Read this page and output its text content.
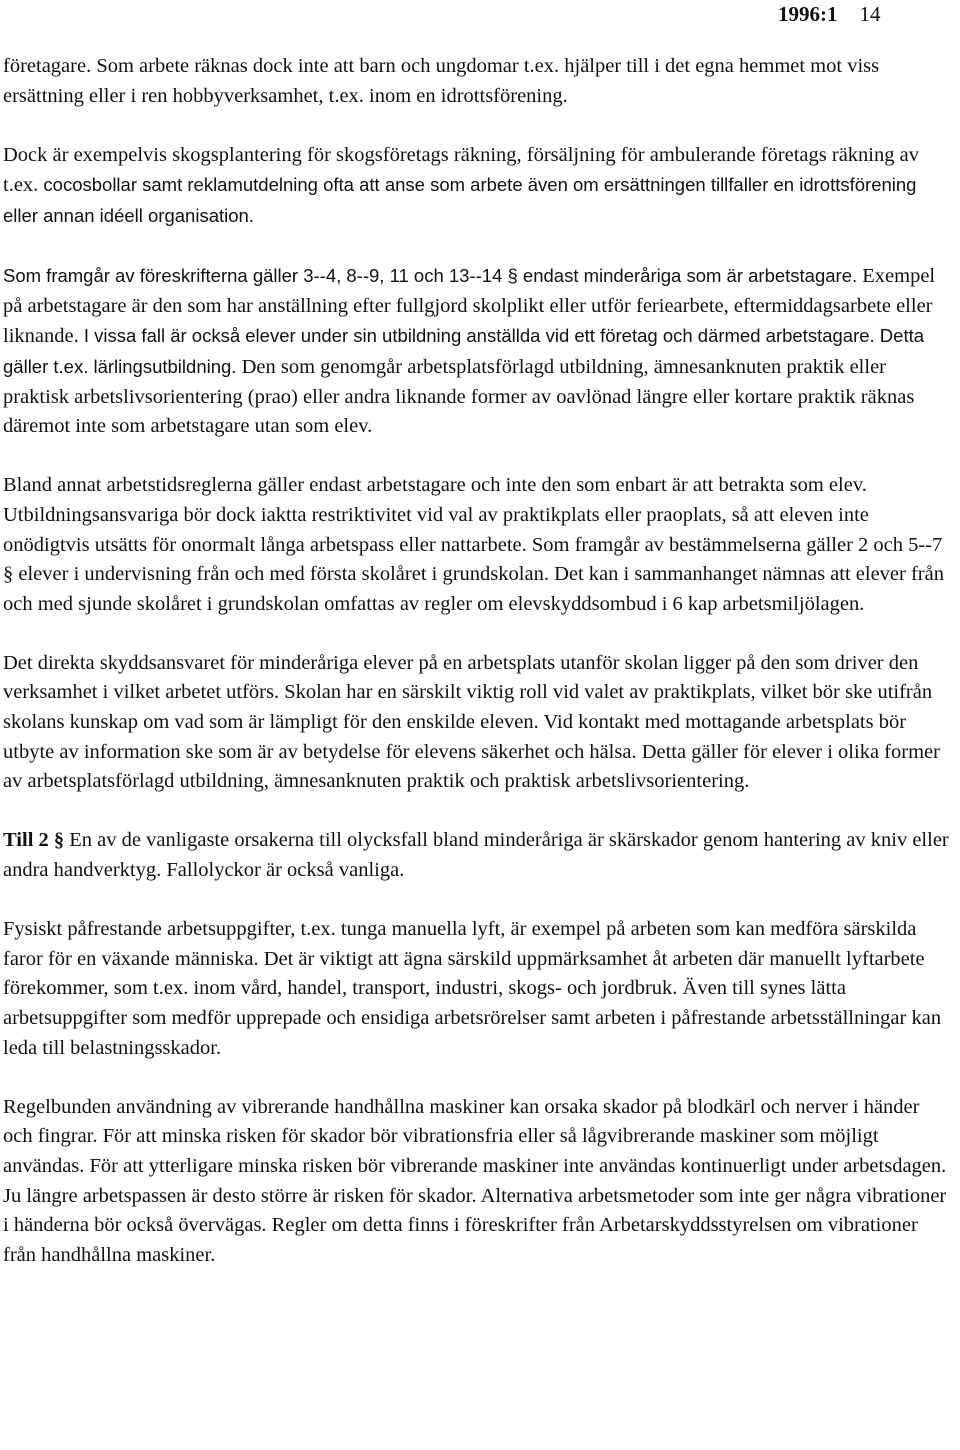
1996:1 14

företagare. Som arbete räknas dock inte att barn och ungdomar t.ex. hjälper till i det egna hemmet mot viss ersättning eller i ren hobbyverksamhet, t.ex. inom en idrottsförening.

Dock är exempelvis skogsplantering för skogsföretags räkning, försäljning för ambulerande företags räkning av t.ex. cocosbollar samt reklamutdelning ofta att anse som arbete även om ersättningen tillfaller en idrottsförening eller annan idéell organisation.

Som framgår av föreskrifterna gäller 3--4, 8--9, 11 och 13--14 § endast minderåriga som är arbetstagare. Exempel på arbetstagare är den som har anställning efter fullgjord skolplikt eller utför feriearbete, eftermiddagsarbete eller liknande. I vissa fall är också elever under sin utbildning anställda vid ett företag och därmed arbetstagare. Detta gäller t.ex. lärlingsutbildning. Den som genomgår arbetsplatsförlagd utbildning, ämnesanknuten praktik eller praktisk arbetslivsorientering (prao) eller andra liknande former av oavlönad längre eller kortare praktik räknas däremot inte som arbetstagare utan som elev.

Bland annat arbetstidsreglerna gäller endast arbetstagare och inte den som enbart är att betrakta som elev. Utbildningsansvariga bör dock iaktta restriktivitet vid val av praktikplats eller praoplats, så att eleven inte onödigtvis utsätts för onormalt långa arbetspass eller nattarbete. Som framgår av bestämmelserna gäller 2 och 5--7 § elever i undervisning från och med första skolåret i grundskolan. Det kan i sammanhanget nämnas att elever från och med sjunde skolåret i grundskolan omfattas av regler om elevskyddsombud i 6 kap arbetsmiljölagen.

Det direkta skyddsansvaret för minderåriga elever på en arbetsplats utanför skolan ligger på den som driver den verksamhet i vilket arbetet utförs. Skolan har en särskilt viktig roll vid valet av praktikplats, vilket bör ske utifrån skolans kunskap om vad som är lämpligt för den enskilde eleven. Vid kontakt med mottagande arbetsplats bör utbyte av information ske som är av betydelse för elevens säkerhet och hälsa. Detta gäller för elever i olika former av arbetsplatsförlagd utbildning, ämnesanknuten praktik och praktisk arbetslivsorientering.

Till 2 § En av de vanligaste orsakerna till olycksfall bland minderåriga är skärskador genom hantering av kniv eller andra handverktyg. Fallolyckor är också vanliga.

Fysiskt påfrestande arbetsuppgifter, t.ex. tunga manuella lyft, är exempel på arbeten som kan medföra särskilda faror för en växande människa. Det är viktigt att ägna särskild uppmärksamhet åt arbeten där manuellt lyftarbete förekommer, som t.ex. inom vård, handel, transport, industri, skogs- och jordbruk. Även till synes lätta arbetsuppgifter som medför upprepade och ensidiga arbetsrörelser samt arbeten i påfrestande arbetsställningar kan leda till belastningsskador.

Regelbunden användning av vibrerande handhållna maskiner kan orsaka skador på blodkärl och nerver i händer och fingrar. För att minska risken för skador bör vibrationsfria eller så lågvibrerande maskiner som möjligt användas. För att ytterligare minska risken bör vibrerande maskiner inte användas kontinuerligt under arbetsdagen. Ju längre arbetspassen är desto större är risken för skador. Alternativa arbetsmetoder som inte ger några vibrationer i händerna bör också övervägas. Regler om detta finns i föreskrifter från Arbetarskyddsstyrelsen om vibrationer från handhållna maskiner.
